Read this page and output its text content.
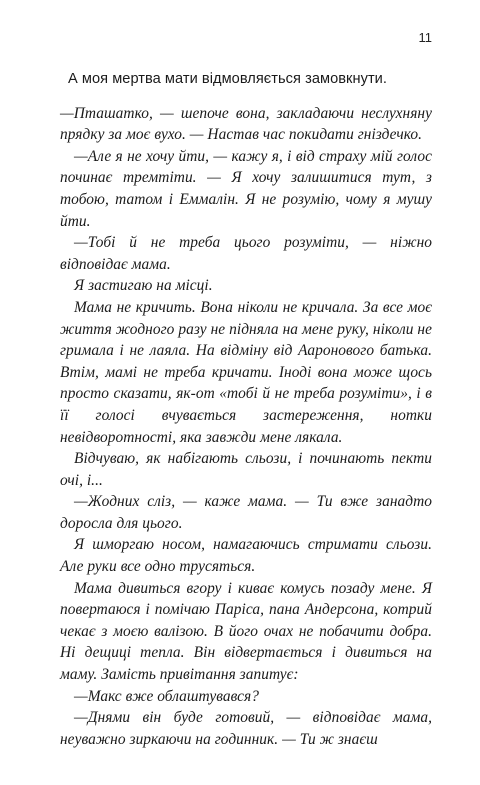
11

А моя мертва мати відмовляється замовкнути.

—Пташатко, — шепоче вона, закладаючи неслухняну прядку за моє вухо. — Настав час покидати гніздечко.

—Але я не хочу йти, — кажу я, і від страху мій голос починає тремтіти. — Я хочу залишитися тут, з тобою, татом і Еммалін. Я не розумію, чому я мушу йти.

—Тобі й не треба цього розуміти, — ніжно відповідає мама.

Я застигаю на місці.

Мама не кричить. Вона ніколи не кричала. За все моє життя жодного разу не підняла на мене руку, ніколи не гримала і не лаяла. На відміну від Ааронового батька. Втім, мамі не треба кричати. Іноді вона може щось просто сказати, як-от «тобі й не треба розуміти», і в її голосі вчувається застереження, нотки невідворотності, яка завжди мене лякала.

Відчуваю, як набігають сльози, і починають пекти очі, і...

—Жодних сліз, — каже мама. — Ти вже занадто доросла для цього.

Я шморгаю носом, намагаючись стримати сльози. Але руки все одно трусяться.

Мама дивиться вгору і киває комусь позаду мене. Я повертаюся і помічаю Паріса, пана Андерсона, котрий чекає з моєю валізою. В його очах не побачити добра. Ні дещиці тепла. Він відвертається і дивиться на маму. Замість привітання запитує:

—Макс вже облаштувався?

—Днями він буде готовий, — відповідає мама, неуважно зиркаючи на годинник. — Ти ж знаєш
